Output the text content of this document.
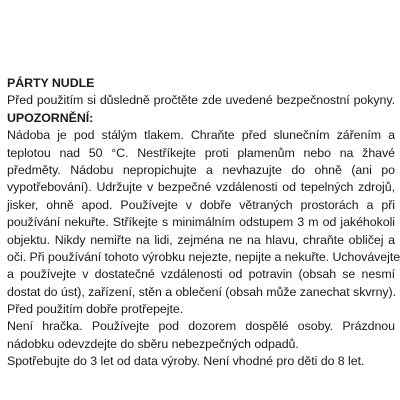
PÁRTY NUDLE
Před použitím si důsledně pročtěte zde uvedené bezpečnostní pokyny.
UPOZORNĚNÍ:
Nádoba je pod stálým tlakem. Chraňte před slunečním zářením a
teplotou nad 50 °C. Nestříkejte proti plamenům nebo na žhavé
předměty. Nádobu nepropichujte a nevhazujte do ohně (ani po
vypotřebování). Udržujte v bezpečné vzdálenosti od tepelných zdrojů,
jisker, ohně apod. Používejte v dobře větraných prostorách a při
používání nekuřte. Stříkejte s minimálním odstupem 3 m od jakéhokoli
objektu. Nikdy nemiřte na lidi, zejména ne na hlavu, chraňte obličej a
oči. Při používání tohoto výrobku nejezte, nepijte a nekuřte. Uchovávejte
a používejte v dostatečné vzdálenosti od potravin (obsah se nesmí
dostat do úst), zařízení, stěn a oblečení (obsah může zanechat skvrny).
Před použitím dobře protřepejte.
Není hračka. Používejte pod dozorem dospělé osoby. Prázdnou
nádobku odevzdejte do sběru nebezpečných odpadů.
Spotřebujte do 3 let od data výroby. Není vhodné pro děti do 8 let.
